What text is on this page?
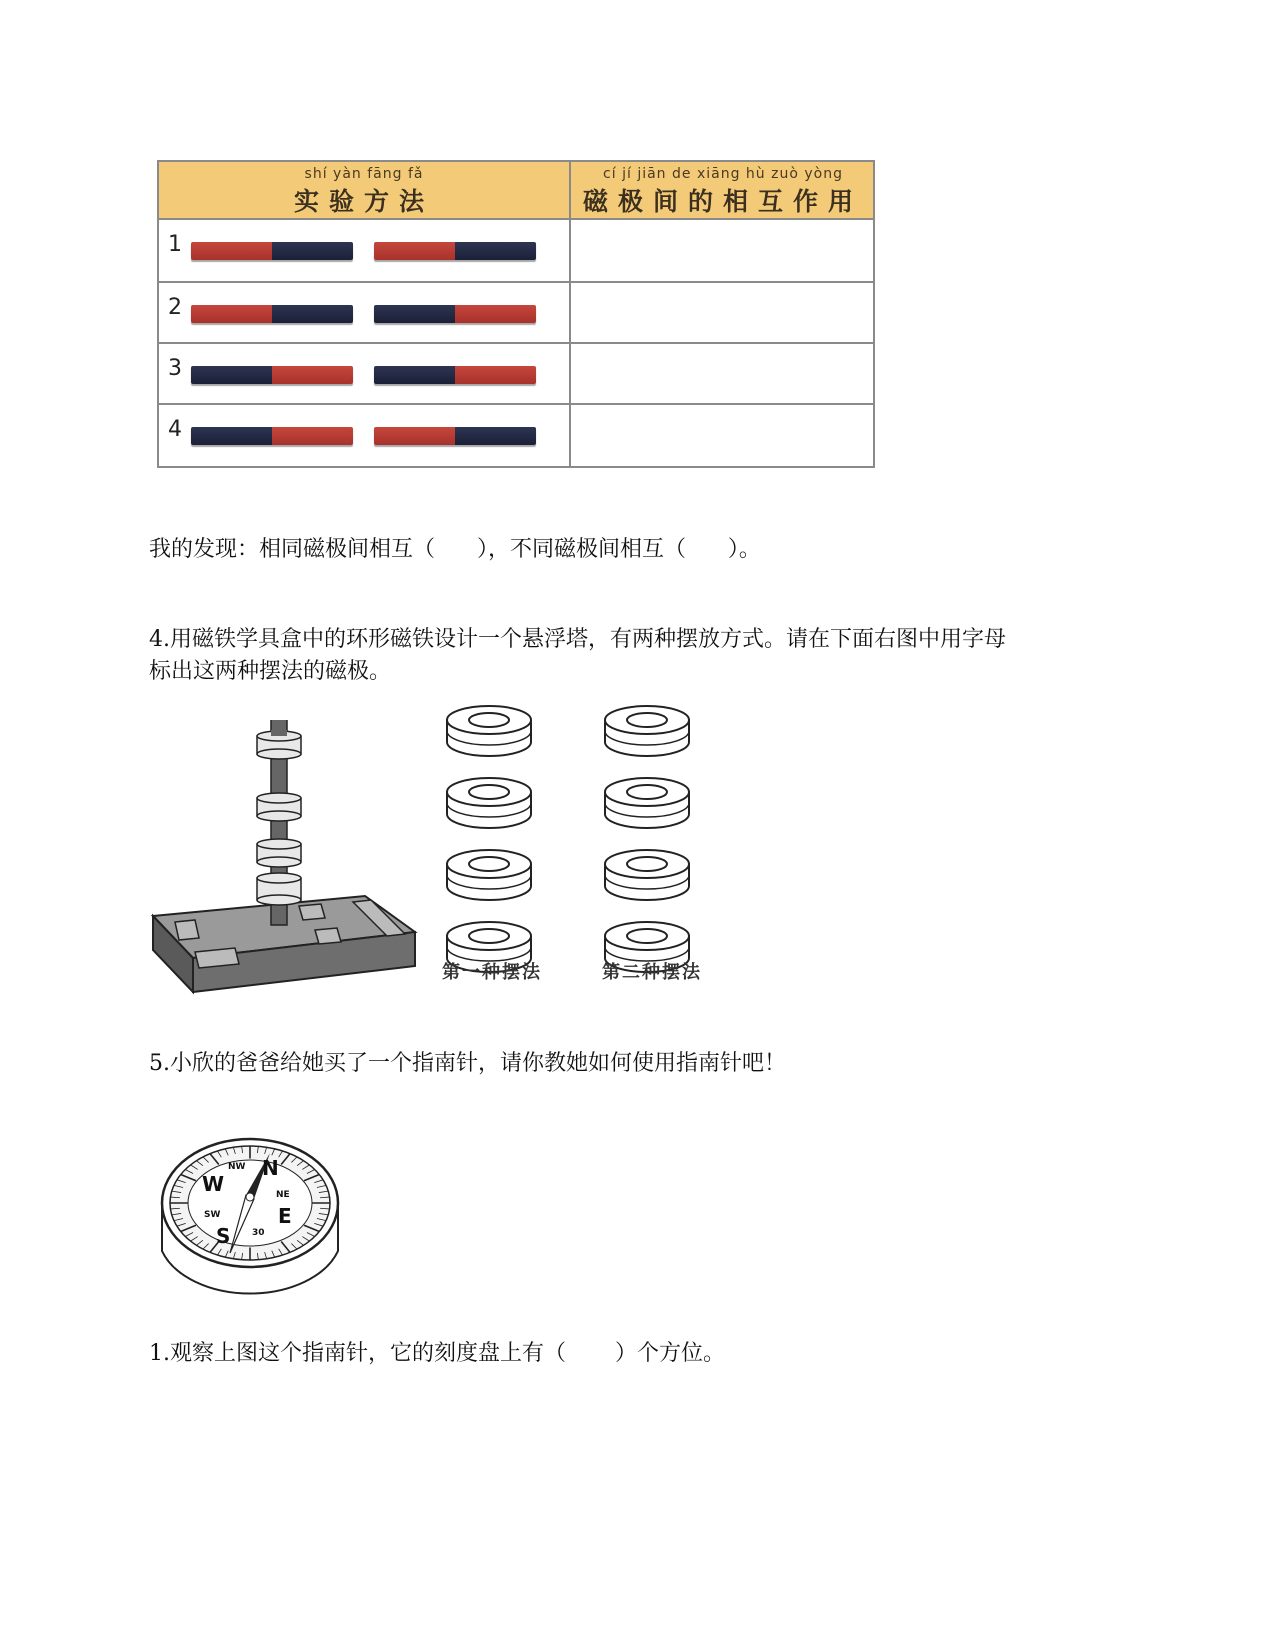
shí yàn fāng fǎ
实验方法
cí jí jiān de xiāng hù zuò yòng
磁极间的相互作用
1
2
3
4
我的发现：相同磁极间相互（      ），不同磁极间相互（      ）。
4.用磁铁学具盒中的环形磁铁设计一个悬浮塔，有两种摆放方式。请在下面右图中用字母
标出这两种摆法的磁极。
第一种摆法	第二种摆法
5.小欣的爸爸给她买了一个指南针，请你教她如何使用指南针吧！
N
S
E
W
NW
NE
SW
30
1.观察上图这个指南针，它的刻度盘上有（       ）个方位。
